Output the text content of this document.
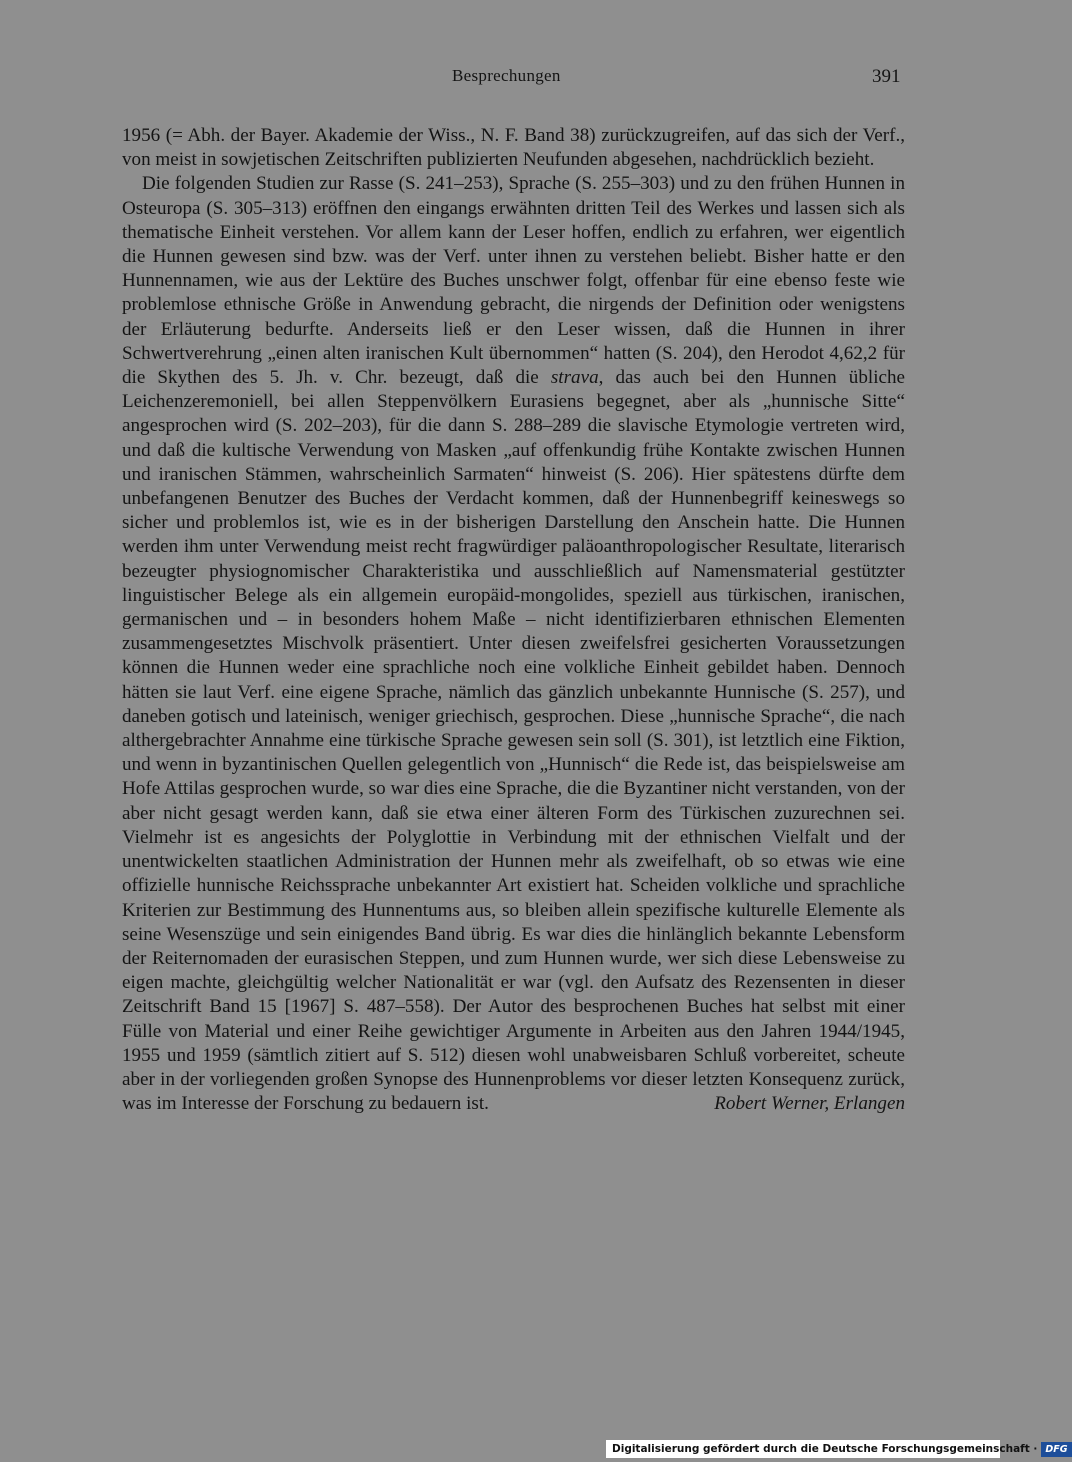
Besprechungen	391

1956 (= Abh. der Bayer. Akademie der Wiss., N. F. Band 38) zurückzugreifen, auf das sich der Verf., von meist in sowjetischen Zeitschriften publizierten Neufunden abgesehen, nachdrücklich bezieht.

Die folgenden Studien zur Rasse (S. 241–253), Sprache (S. 255–303) und zu den frühen Hunnen in Osteuropa (S. 305–313) eröffnen den eingangs erwähnten dritten Teil des Werkes und lassen sich als thematische Einheit verstehen. Vor allem kann der Leser hoffen, endlich zu erfahren, wer eigentlich die Hunnen gewesen sind bzw. was der Verf. unter ihnen zu verstehen beliebt. Bisher hatte er den Hunnennamen, wie aus der Lektüre des Buches unschwer folgt, offenbar für eine ebenso feste wie problemlose ethnische Größe in Anwendung gebracht, die nirgends der Definition oder wenigstens der Erläuterung bedurfte. Anderseits ließ er den Leser wissen, daß die Hunnen in ihrer Schwertverehrung „einen alten iranischen Kult übernommen“ hatten (S. 204), den Herodot 4,62,2 für die Skythen des 5. Jh. v. Chr. bezeugt, daß die strava, das auch bei den Hunnen übliche Leichenzeremoniell, bei allen Steppenvölkern Eurasiens begegnet, aber als „hunnische Sitte“ angesprochen wird (S. 202–203), für die dann S. 288–289 die slavische Etymologie vertreten wird, und daß die kultische Verwendung von Masken „auf offenkundig frühe Kontakte zwischen Hunnen und iranischen Stämmen, wahrscheinlich Sarmaten“ hinweist (S. 206). Hier spätestens dürfte dem unbefangenen Benutzer des Buches der Verdacht kommen, daß der Hunnenbegriff keineswegs so sicher und problemlos ist, wie es in der bisherigen Darstellung den Anschein hatte. Die Hunnen werden ihm unter Verwendung meist recht fragwürdiger paläoanthropologischer Resultate, literarisch bezeugter physiognomischer Charakteristika und ausschließlich auf Namensmaterial gestützter linguistischer Belege als ein allgemein europäid-mongolides, speziell aus türkischen, iranischen, germanischen und – in besonders hohem Maße – nicht identifizierbaren ethnischen Elementen zusammengesetztes Mischvolk präsentiert. Unter diesen zweifelsfrei gesicherten Voraussetzungen können die Hunnen weder eine sprachliche noch eine volkliche Einheit gebildet haben. Dennoch hätten sie laut Verf. eine eigene Sprache, nämlich das gänzlich unbekannte Hunnische (S. 257), und daneben gotisch und lateinisch, weniger griechisch, gesprochen. Diese „hunnische Sprache“, die nach althergebrachter Annahme eine türkische Sprache gewesen sein soll (S. 301), ist letztlich eine Fiktion, und wenn in byzantinischen Quellen gelegentlich von „Hunnisch“ die Rede ist, das beispielsweise am Hofe Attilas gesprochen wurde, so war dies eine Sprache, die die Byzantiner nicht verstanden, von der aber nicht gesagt werden kann, daß sie etwa einer älteren Form des Türkischen zuzurechnen sei. Vielmehr ist es angesichts der Polyglottie in Verbindung mit der ethnischen Vielfalt und der unentwickelten staatlichen Administration der Hunnen mehr als zweifelhaft, ob so etwas wie eine offizielle hunnische Reichssprache unbekannter Art existiert hat. Scheiden volkliche und sprachliche Kriterien zur Bestimmung des Hunnentums aus, so bleiben allein spezifische kulturelle Elemente als seine Wesenszüge und sein einigendes Band übrig. Es war dies die hinlänglich bekannte Lebensform der Reiternomaden der eurasischen Steppen, und zum Hunnen wurde, wer sich diese Lebensweise zu eigen machte, gleichgültig welcher Nationalität er war (vgl. den Aufsatz des Rezensenten in dieser Zeitschrift Band 15 [1967] S. 487–558). Der Autor des besprochenen Buches hat selbst mit einer Fülle von Material und einer Reihe gewichtiger Argumente in Arbeiten aus den Jahren 1944/1945, 1955 und 1959 (sämtlich zitiert auf S. 512) diesen wohl unabweisbaren Schluß vorbereitet, scheute aber in der vorliegenden großen Synopse des Hunnenproblems vor dieser letzten Konsequenz zurück, was im Interesse der Forschung zu bedauern ist.	Robert Werner, Erlangen

Digitalisierung gefördert durch die Deutsche Forschungsgemeinschaft · DFG
